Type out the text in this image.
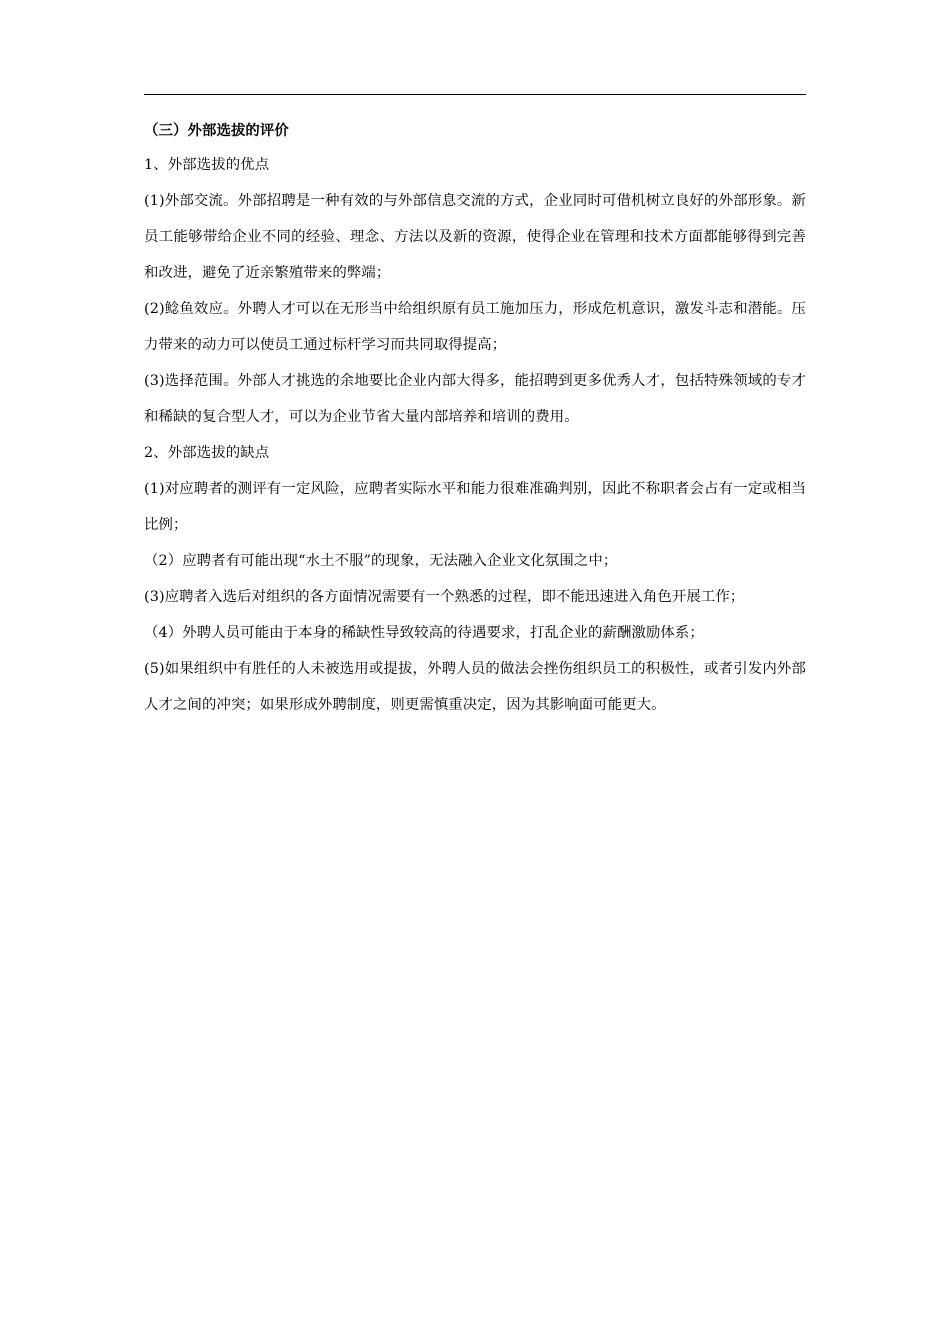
（三）外部选拔的评价

1、外部选拔的优点

(1)外部交流。外部招聘是一种有效的与外部信息交流的方式，企业同时可借机树立良好的外部形象。新员工能够带给企业不同的经验、理念、方法以及新的资源，使得企业在管理和技术方面都能够得到完善和改进，避免了近亲繁殖带来的弊端；

(2)鲶鱼效应。外聘人才可以在无形当中给组织原有员工施加压力，形成危机意识，激发斗志和潜能。压力带来的动力可以使员工通过标杆学习而共同取得提高；

(3)选择范围。外部人才挑选的余地要比企业内部大得多，能招聘到更多优秀人才，包括特殊领域的专才和稀缺的复合型人才，可以为企业节省大量内部培养和培训的费用。

2、外部选拔的缺点

(1)对应聘者的测评有一定风险，应聘者实际水平和能力很难准确判别，因此不称职者会占有一定或相当比例；

（2）应聘者有可能出现“水土不服”的现象，无法融入企业文化氛围之中；

(3)应聘者入选后对组织的各方面情况需要有一个熟悉的过程，即不能迅速进入角色开展工作；

（4）外聘人员可能由于本身的稀缺性导致较高的待遇要求，打乱企业的薪酬激励体系；

(5)如果组织中有胜任的人未被选用或提拔，外聘人员的做法会挫伤组织员工的积极性，或者引发内外部人才之间的冲突；如果形成外聘制度，则更需慎重决定，因为其影响面可能更大。
